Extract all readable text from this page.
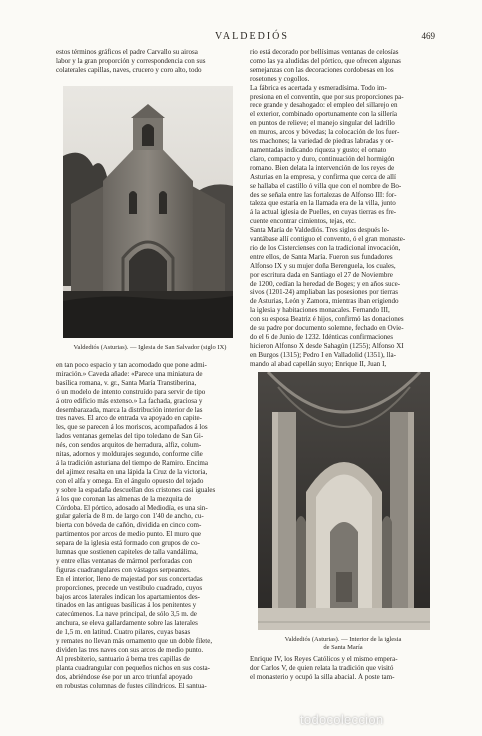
VALDEDIÓS	469
estos términos gráficos el padre Carvallo su airosa
labor y la gran proporción y correspondencia con sus
colaterales capillas, naves, crucero y coro alto, todo
Valdediós (Asturias). — Iglesia de San Salvador (siglo IX)
en tan poco espacio y tan acomodado que pone admi-
miración.» Caveda añade: «Parece una miniatura de
basílica romana, v. gr., Santa María Transtiberina,
ó un modelo de intento construído para servir de tipo
á otro edificio más extenso.» La fachada, graciosa y
desembarazada, marca la distribución interior de las
tres naves. El arco de entrada va apoyado en capite-
les, que se parecen á los moriscos, acompañados á los
lados ventanas gemelas del tipo toledano de San Gi-
nés, con sendos arquitos de herradura, alfiz, colum-
nitas, adornos y moldurajes segundo, conforme cíñe
á la tradición asturiana del tiempo de Ramiro. Encima
del ajimez resalta en una lápida la Cruz de la victoria,
con el alfa y omega. En el ángulo opuesto del tejado
y sobre la espadaña descuellan dos cristones casi iguales
á los que coronan las almenas de la mezquita de
Córdoba. El pórtico, adosado al Mediodía, es una sin-
gular galería de 8 m. de largo con 1'40 de ancho, cu-
bierta con bóveda de cañón, dividida en cinco com-
partimentos por arcos de medio punto. El muro que
separa de la iglesia está formado con grupos de co-
lumnas que sostienen capiteles de talla vandálima,
y entre ellas ventanas de mármol perforadas con
figuras cuadrangulares con vástagos serpeantes.
En el interior, lleno de majestad por sus concertadas
proporciones, precede un vestíbulo cuadrado, cuyos
bajos arcos laterales indican los apartamientos des-
tinados en las antiguas basílicas á los penitentes y
catecúmenos. La nave principal, de sólo 3,5 m. de
anchura, se eleva gallardamente sobre las laterales
de 1,5 m. en latitud. Cuatro pilares, cuyas basas
y remates no llevan más ornamento que un doble filete,
dividen las tres naves con sus arcos de medio punto.
Al presbiterio, santuario á bema tres capillas de
planta cuadrangular con pequeños nichos en sus costa-
dos, abriéndose ése por un arco triunfal apoyado
en robustas columnas de fustes cilíndricos. El santua-
rio está decorado por bellísimas ventanas de celosías
como las ya aludidas del pórtico, que ofrecen algunas
semejanzas con las decoraciones cordobesas en los
rosetones y cogollos.
La fábrica es acertada y esmeradísima. Todo im-
presiona en el conventín, que por sus proporciones pa-
rece grande y desahogado: el empleo del sillarejo en
el exterior, combinado oportunamente con la sillería
en puntos de relieve; el manejo singular del ladrillo
en muros, arcos y bóvedas; la colocación de los fuer-
tes machones; la variedad de piedras labradas y or-
namentadas indicando riqueza y gusto; el ornato
claro, compacto y duro, continuación del hormigón
romano. Bien delata la intervención de los reyes de
Asturias en la empresa, y confirma que cerca de allí
se hallaba el castillo ó villa que con el nombre de Bo-
des se señala entre las fortalezas de Alfonso III: for-
taleza que estaría en la llamada era de la villa, junto
á la actual iglesia de Puelles, en cuyas tierras es fre-
cuente encontrar cimientos, tejas, etc.
Santa María de Valdediós. Tres siglos después le-
vantábase allí contiguo el convento, ó el gran monaste-
rio de los Cistercienses con la tradicional invocación,
entre ellos, de Santa María. Fueron sus fundadores
Alfonso IX y su mujer doña Berenguela, los cuales,
por escritura dada en Santiago el 27 de Noviembre
de 1200, cedían la heredad de Boges; y en años suce-
sivos (1201-24) ampliaban las posesiones por tierras
de Asturias, León y Zamora, mientras iban erigiendo
la iglesia y habitaciones monacales. Fernando III,
con su esposa Beatriz é hijos, confirmó las donaciones
de su padre por documento solemne, fechado en Ovie-
do el 6 de Junio de 1232. Idénticas confirmaciones
hicieron Alfonso X desde Sahagún (1255); Alfonso XI
en Burgos (1315); Pedro I en Valladolid (1351), lla-
mando al abad capellán suyo; Enrique II, Juan I,
Valdediós (Asturias). — Interior de la iglesia
de Santa María
Enrique IV, los Reyes Católicos y el mismo empera-
dor Carlos V, de quien relata la tradición que visitó
el monasterio y ocupó la silla abacial. Á poste tam-
todocoleccion
